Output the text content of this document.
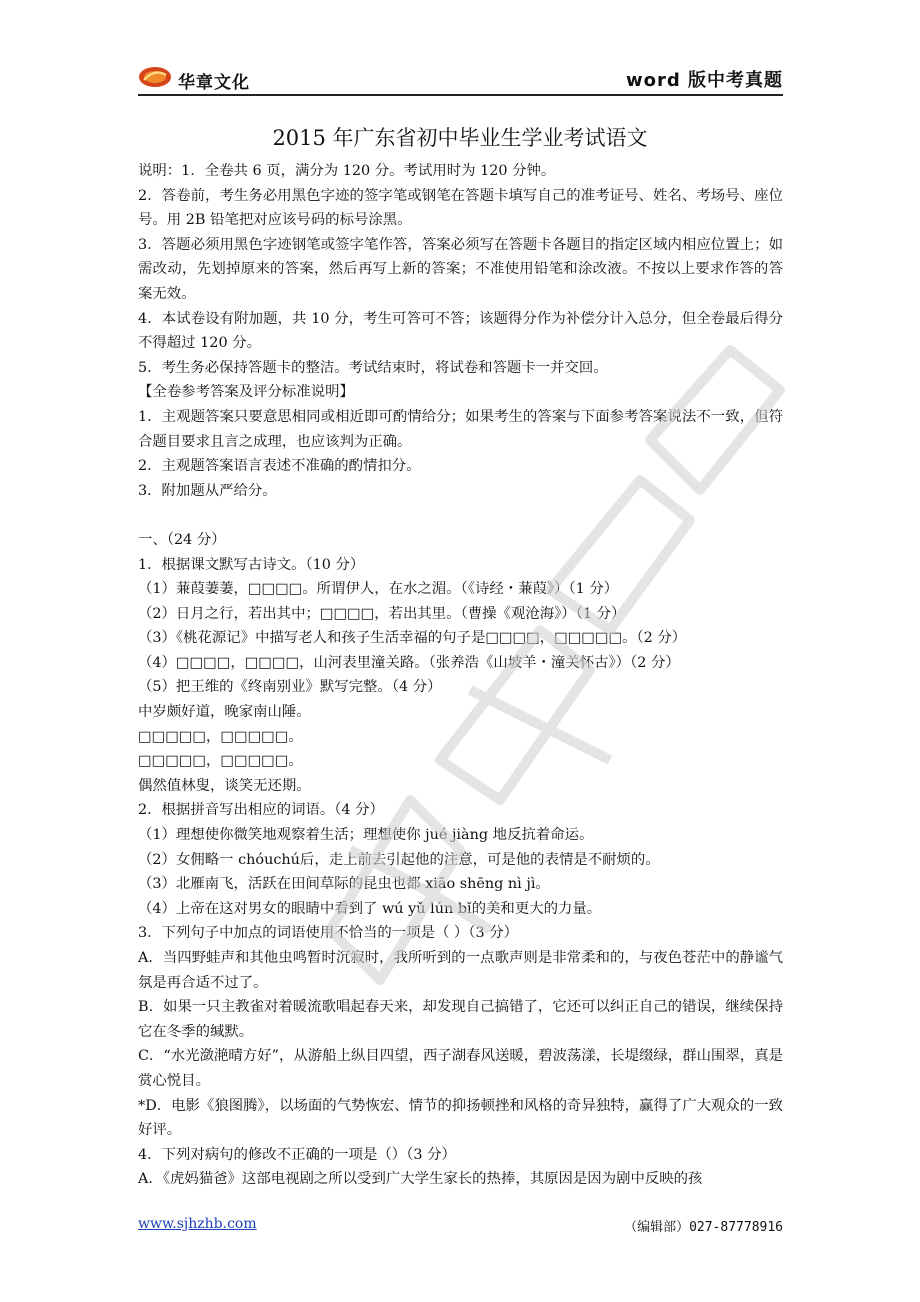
华章文化	word 版中考真题
2015 年广东省初中毕业生学业考试语文

说明：1．全卷共 6 页，满分为 120 分。考试用时为 120 分钟。

2．答卷前，考生务必用黑色字迹的签字笔或钢笔在答题卡填写自己的准考证号、姓名、考场号、座位号。用 2B 铅笔把对应该号码的标号涂黑。

3．答题必须用黑色字迹钢笔或签字笔作答，答案必须写在答题卡各题目的指定区域内相应位置上；如需改动，先划掉原来的答案，然后再写上新的答案；不准使用铅笔和涂改液。不按以上要求作答的答案无效。

4．本试卷设有附加题，共 10 分，考生可答可不答；该题得分作为补偿分计入总分，但全卷最后得分不得超过 120 分。

5．考生务必保持答题卡的整洁。考试结束时，将试卷和答题卡一并交回。

【全卷参考答案及评分标准说明】

1．主观题答案只要意思相同或相近即可酌情给分；如果考生的答案与下面参考答案说法不一致，但符合题目要求且言之成理，也应该判为正确。

2．主观题答案语言表述不准确的酌情扣分。

3．附加题从严给分。

一、（24 分）

1．根据课文默写古诗文。（10 分）

（1）蒹葭萋萋，□□□□。所谓伊人，在水之湄。（《诗经・蒹葭》）（1 分）

（2）日月之行，若出其中；□□□□，若出其里。（曹操《观沧海》）（1 分）

（3）《桃花源记》中描写老人和孩子生活幸福的句子是□□□□，□□□□□。（2 分）

（4）□□□□，□□□□，山河表里潼关路。（张养浩《山坡羊・潼关怀古》）（2 分）

（5）把王维的《终南别业》默写完整。（4 分）

中岁颇好道，晚家南山陲。

□□□□□，□□□□□。

□□□□□，□□□□□。

偶然值林叟，谈笑无还期。

2．根据拼音写出相应的词语。（4 分）

（1）理想使你微笑地观察着生活；理想使你 jué jiàng 地反抗着命运。

（2）女佣略一 chóuchú后，走上前去引起他的注意，可是他的表情是不耐烦的。

（3）北雁南飞，活跃在田间草际的昆虫也都 xiāo shēng nì jì。

（4）上帝在这对男女的眼睛中看到了 wú yǔ lún bǐ的美和更大的力量。

3．下列句子中加点的词语使用不恰当的一项是（ ）（3 分）

A．当四野蛙声和其他虫鸣暂时沉寂时，我所听到的一点歌声则是非常柔和的，与夜色苍茫中的静谧气氛是再合适不过了。

B．如果一只主教雀对着暖流歌唱起春天来，却发现自己搞错了，它还可以纠正自己的错误，继续保持它在冬季的缄默。

C．“水光潋滟晴方好”，从游船上纵目四望，西子湖春风送暖，碧波荡漾，长堤缀绿，群山围翠，真是赏心悦目。

*D．电影《狼图腾》，以场面的气势恢宏、情节的抑扬顿挫和风格的奇异独特，赢得了广大观众的一致好评。

4．下列对病句的修改不正确的一项是（）（3 分）

A．《虎妈猫爸》这部电视剧之所以受到广大学生家长的热捧，其原因是因为剧中反映的孩

www.sjhzhb.com	（编辑部）027-87778916
